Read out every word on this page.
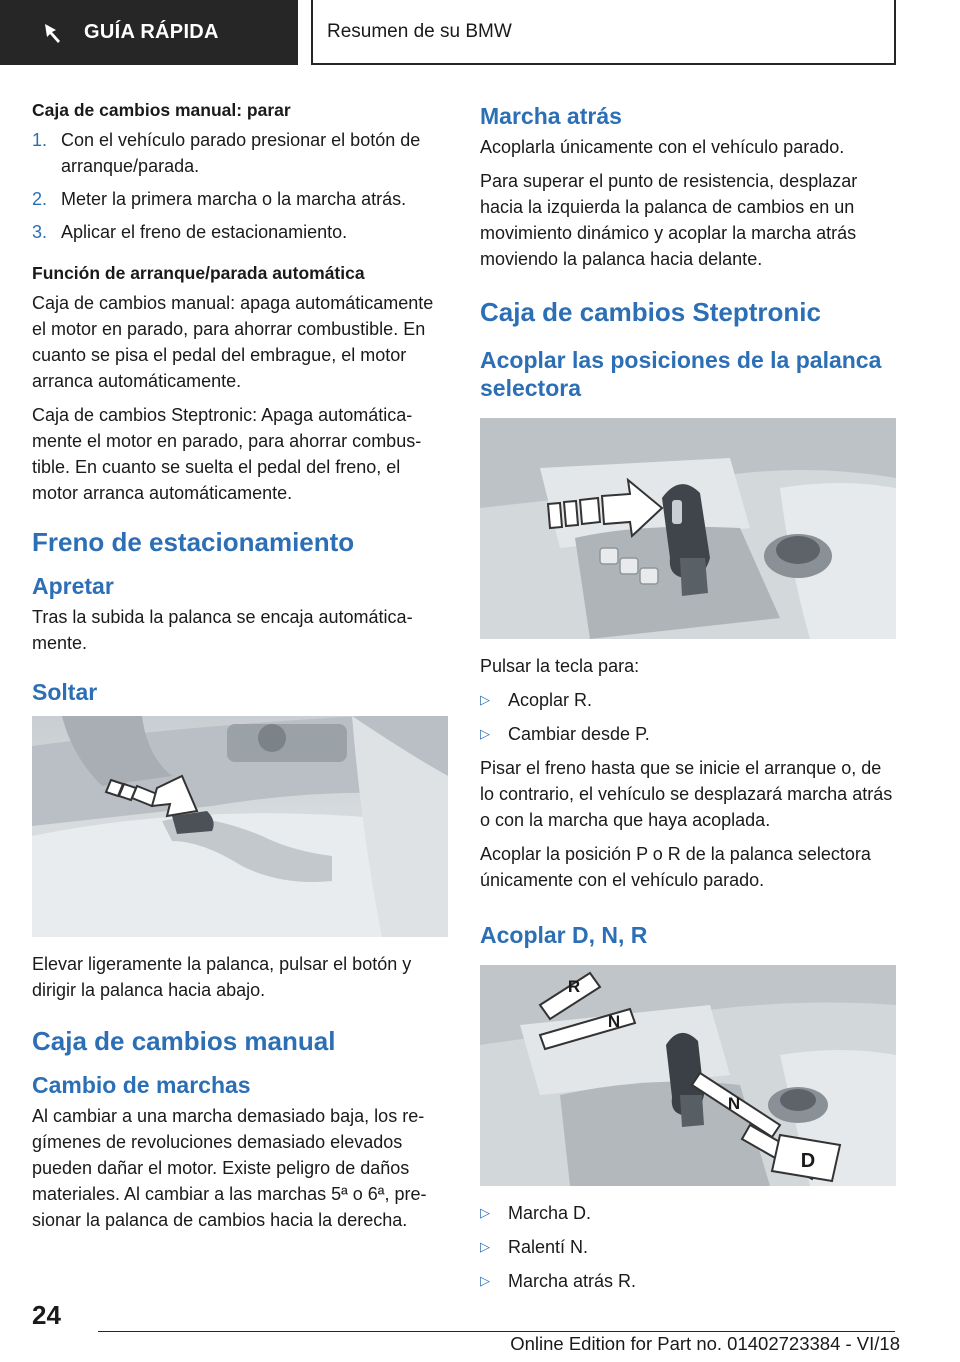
GUÍA RÁPIDA	Resumen de su BMW
Caja de cambios manual: parar
1. Con el vehículo parado presionar el botón de arranque/parada.
2. Meter la primera marcha o la marcha atrás.
3. Aplicar el freno de estacionamiento.
Función de arranque/parada automática

Caja de cambios manual: apaga automáticamente el motor en parado, para ahorrar combustible. En cuanto se pisa el pedal del embrague, el motor arranca automáticamente.

Caja de cambios Steptronic: Apaga automáticamente el motor en parado, para ahorrar combustible. En cuanto se suelta el pedal del freno, el motor arranca automáticamente.

Freno de estacionamiento
Apretar

Tras la subida la palanca se encaja automáticamente.

Soltar

Elevar ligeramente la palanca, pulsar el botón y dirigir la palanca hacia abajo.

Caja de cambios manual
Cambio de marchas

Al cambiar a una marcha demasiado baja, los regímenes de revoluciones demasiado elevados pueden dañar el motor. Existe peligro de daños materiales. Al cambiar a las marchas 5ª o 6ª, presionar la palanca de cambios hacia la derecha.

Marcha atrás

Acoplarla únicamente con el vehículo parado.

Para superar el punto de resistencia, desplazar hacia la izquierda la palanca de cambios en un movimiento dinámico y acoplar la marcha atrás moviendo la palanca hacia delante.

Caja de cambios Steptronic
Acoplar las posiciones de la palanca selectora

Pulsar la tecla para:

▷	Acoplar R.
▷	Cambiar desde P.

Pisar el freno hasta que se inicie el arranque o, de lo contrario, el vehículo se desplazará marcha atrás o con la marcha que haya acoplada.

Acoplar la posición P o R de la palanca selectora únicamente con el vehículo parado.

Acoplar D, N, R
R
N
N
D
▷	Marcha D.
▷	Ralentí N.
▷	Marcha atrás R.
24
Online Edition for Part no. 01402723384 - VI/18
